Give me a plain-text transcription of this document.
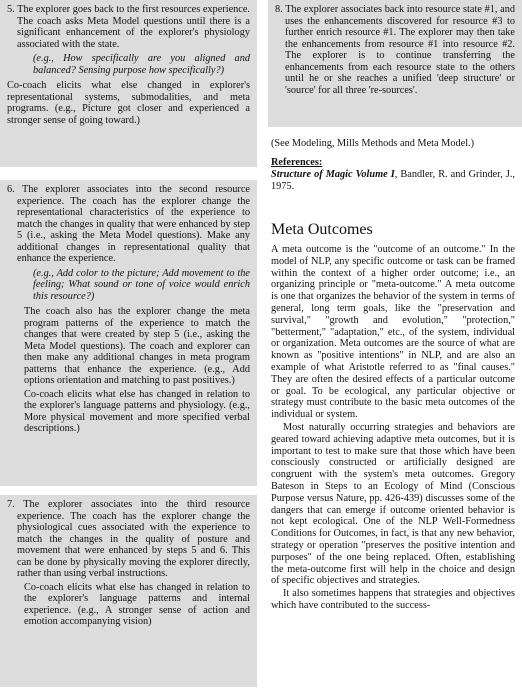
5. The explorer goes back to the first resources experience. The coach asks Meta Model questions until there is a significant enhancement of the explorer's physiology associated with the state.

(e.g., How specifically are you aligned and balanced? Sensing purpose how specifically?)

Co-coach elicits what else changed in explorer's representational systems, submodalities, and meta programs. (e.g., Picture got closer and experienced a stronger sense of going toward.)

6. The explorer associates into the second resource experience. The coach has the explorer change the representational characteristics of the experience to match the changes in quality that were enhanced by step 5 (i.e., asking the Meta Model questions). Make any additional changes in representational quality that enhance the experience.

(e.g., Add color to the picture; Add movement to the feeling; What sound or tone of voice would enrich this resource?)

The coach also has the explorer change the meta program patterns of the experience to match the changes that were created by step 5 (i.e., asking the Meta Model questions). The coach and explorer can then make any additional changes in meta program patterns that enhance the experience. (e.g., Add options orientation and matching to past positives.)

Co-coach elicits what else has changed in relation to the explorer's language patterns and physiology. (e.g., More physical movement and more specified verbal descriptions.)

7. The explorer associates into the third resource experience. The coach has the explorer change the physiological cues associated with the experience to match the changes in the quality of posture and movement that were enhanced by steps 5 and 6. This can be done by physically moving the explorer directly, rather than using verbal instructions.

Co-coach elicits what else has changed in relation to the explorer's language patterns and internal experience. (e.g., A stronger sense of action and emotion accompanying vision)

8. The explorer associates back into resource state #1, and uses the enhancements discovered for resource #3 to further enrich resource #1. The explorer may then take the enhancements from resource #1 into resource #2. The explorer is to continue transferring the enhancements from each resource state to the others until he or she reaches a unified 'deep structure' or 'source' for all three 're-sources'.

(See Modeling, Mills Methods and Meta Model.)

References:

Structure of Magic Volume I, Bandler, R. and Grinder, J., 1975.

Meta Outcomes

A meta outcome is the "outcome of an outcome." In the model of NLP, any specific outcome or task can be framed within the context of a higher order outcome; i.e., an organizing principle or "meta-outcome." A meta outcome is one that organizes the behavior of the system in terms of general, long term goals, like the "preservation and survival," "growth and evolution," "protection," "betterment," "adaptation," etc., of the system, individual or organization. Meta outcomes are the source of what are known as "positive intentions" in NLP, and are also an example of what Aristotle referred to as "final causes." They are often the desired effects of a particular outcome or goal. To be ecological, any particular objective or strategy must contribute to the basic meta outcomes of the individual or system.

Most naturally occurring strategies and behaviors are geared toward achieving adaptive meta outcomes, but it is important to test to make sure that those which have been consciously constructed or artificially designed are congruent with the system's meta outcomes. Gregory Bateson in Steps to an Ecology of Mind (Conscious Purpose versus Nature, pp. 426-439) discusses some of the dangers that can emerge if outcome oriented behavior is not kept ecological. One of the NLP Well-Formedness Conditions for Outcomes, in fact, is that any new behavior, strategy or operation "preserves the positive intention and purposes" of the one being replaced. Often, establishing the meta-outcome first will help in the choice and design of specific objectives and strategies.

It also sometimes happens that strategies and objectives which have contributed to the success-
